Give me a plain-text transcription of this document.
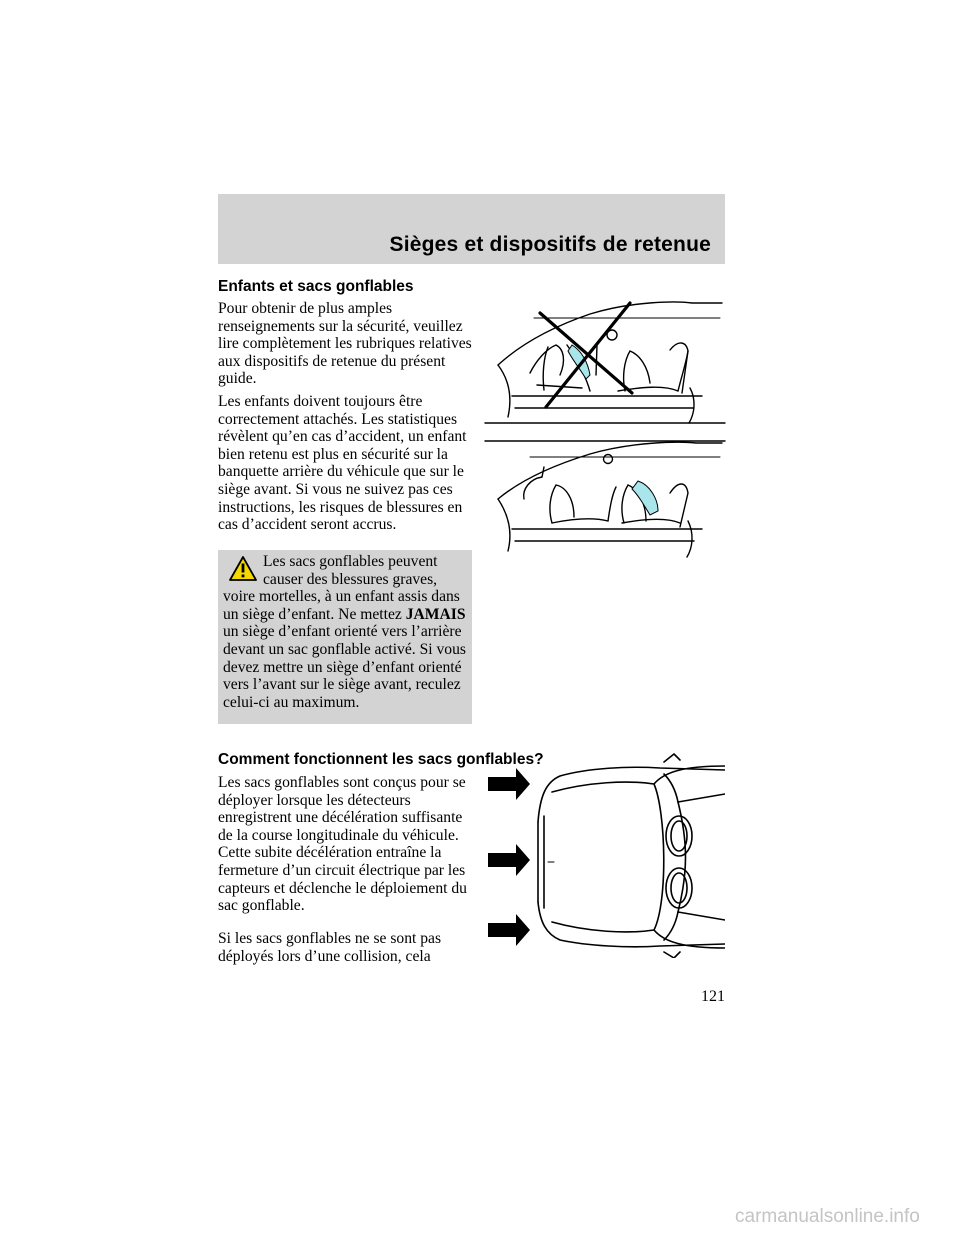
Sièges et dispositifs de retenue
Enfants et sacs gonflables

Pour obtenir de plus amples renseignements sur la sécurité, veuillez lire complètement les rubriques relatives aux dispositifs de retenue du présent guide.

Les enfants doivent toujours être correctement attachés. Les statistiques révèlent qu’en cas d’accident, un enfant bien retenu est plus en sécurité sur la banquette arrière du véhicule que sur le siège avant. Si vous ne suivez pas ces instructions, les risques de blessures en cas d’accident seront accrus.

Les sacs gonflables peuvent
causer des blessures graves,
voire mortelles, à un enfant assis dans un siège d’enfant. Ne mettez JAMAIS un siège d’enfant orienté vers l’arrière devant un sac gonflable activé. Si vous devez mettre un siège d’enfant orienté vers l’avant sur le siège avant, reculez celui-ci au maximum.
Comment fonctionnent les sacs gonflables?

Les sacs gonflables sont conçus pour se déployer lorsque les détecteurs enregistrent une décélération suffisante de la course longitudinale du véhicule. Cette subite décélération entraîne la fermeture d’un circuit électrique par les capteurs et déclenche le déploiement du sac gonflable.

Si les sacs gonflables ne se sont pas déployés lors d’une collision, cela

121
carmanualsonline.info
